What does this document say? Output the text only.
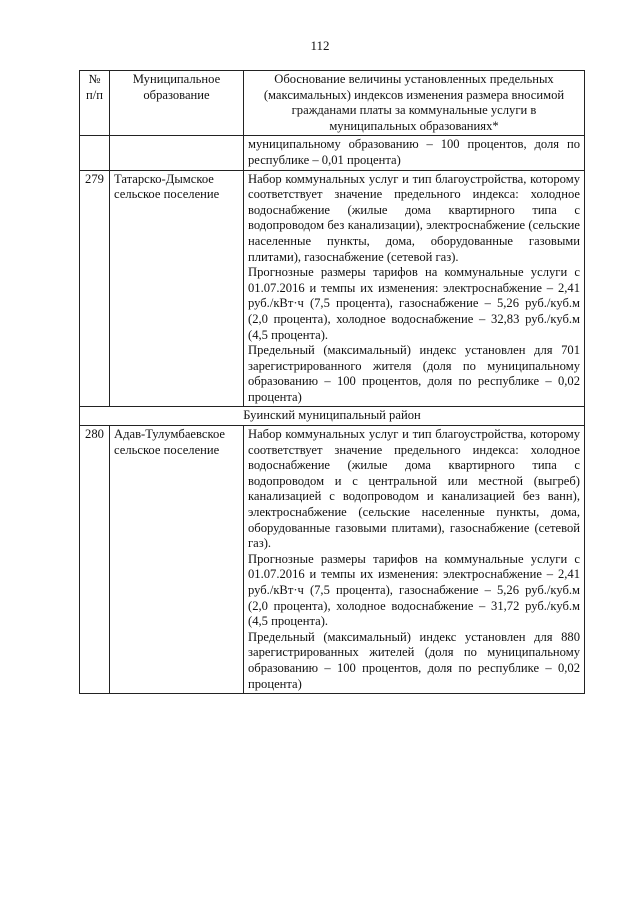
112
№ п/п	Муниципальное образование	Обоснование величины установленных предельных (максимальных) индексов изменения размера вносимой гражданами платы за коммунальные услуги в муниципальных образованиях*

		муниципальному образованию – 100 процентов, доля по республике – 0,01 процента)

279	Татарско-Дымское сельское поселение	Набор коммунальных услуг и тип благоустройства, которому соответствует значение предельного индекса: холодное водоснабжение (жилые дома квартирного типа с водопроводом без канализации), электроснабжение (сельские населенные пункты, дома, оборудованные газовыми плитами), газоснабжение (сетевой газ).

Прогнозные размеры тарифов на коммунальные услуги с 01.07.2016 и темпы их изменения: электроснабжение – 2,41 руб./кВт·ч (7,5 процента), газоснабжение – 5,26 руб./куб.м (2,0 процента), холодное водоснабжение – 32,83 руб./куб.м (4,5 процента).

Предельный (максимальный) индекс установлен для 701 зарегистрированного жителя (доля по муниципальному образованию – 100 процентов, доля по республике – 0,02 процента)

Буинский муниципальный район		
280	Адав-Тулумбаевское сельское поселение	Набор коммунальных услуг и тип благоустройства, которому соответствует значение предельного индекса: холодное водоснабжение (жилые дома квартирного типа с водопроводом и с центральной или местной (выгреб) канализацией с водопроводом и канализацией без ванн), электроснабжение (сельские населенные пункты, дома, оборудованные газовыми плитами), газоснабжение (сетевой газ).

Прогнозные размеры тарифов на коммунальные услуги с 01.07.2016 и темпы их изменения: электроснабжение – 2,41 руб./кВт·ч (7,5 процента), газоснабжение – 5,26 руб./куб.м (2,0 процента), холодное водоснабжение – 31,72 руб./куб.м (4,5 процента).

Предельный (максимальный) индекс установлен для 880 зарегистрированных жителей (доля по муниципальному образованию – 100 процентов, доля по республике – 0,02 процента)
